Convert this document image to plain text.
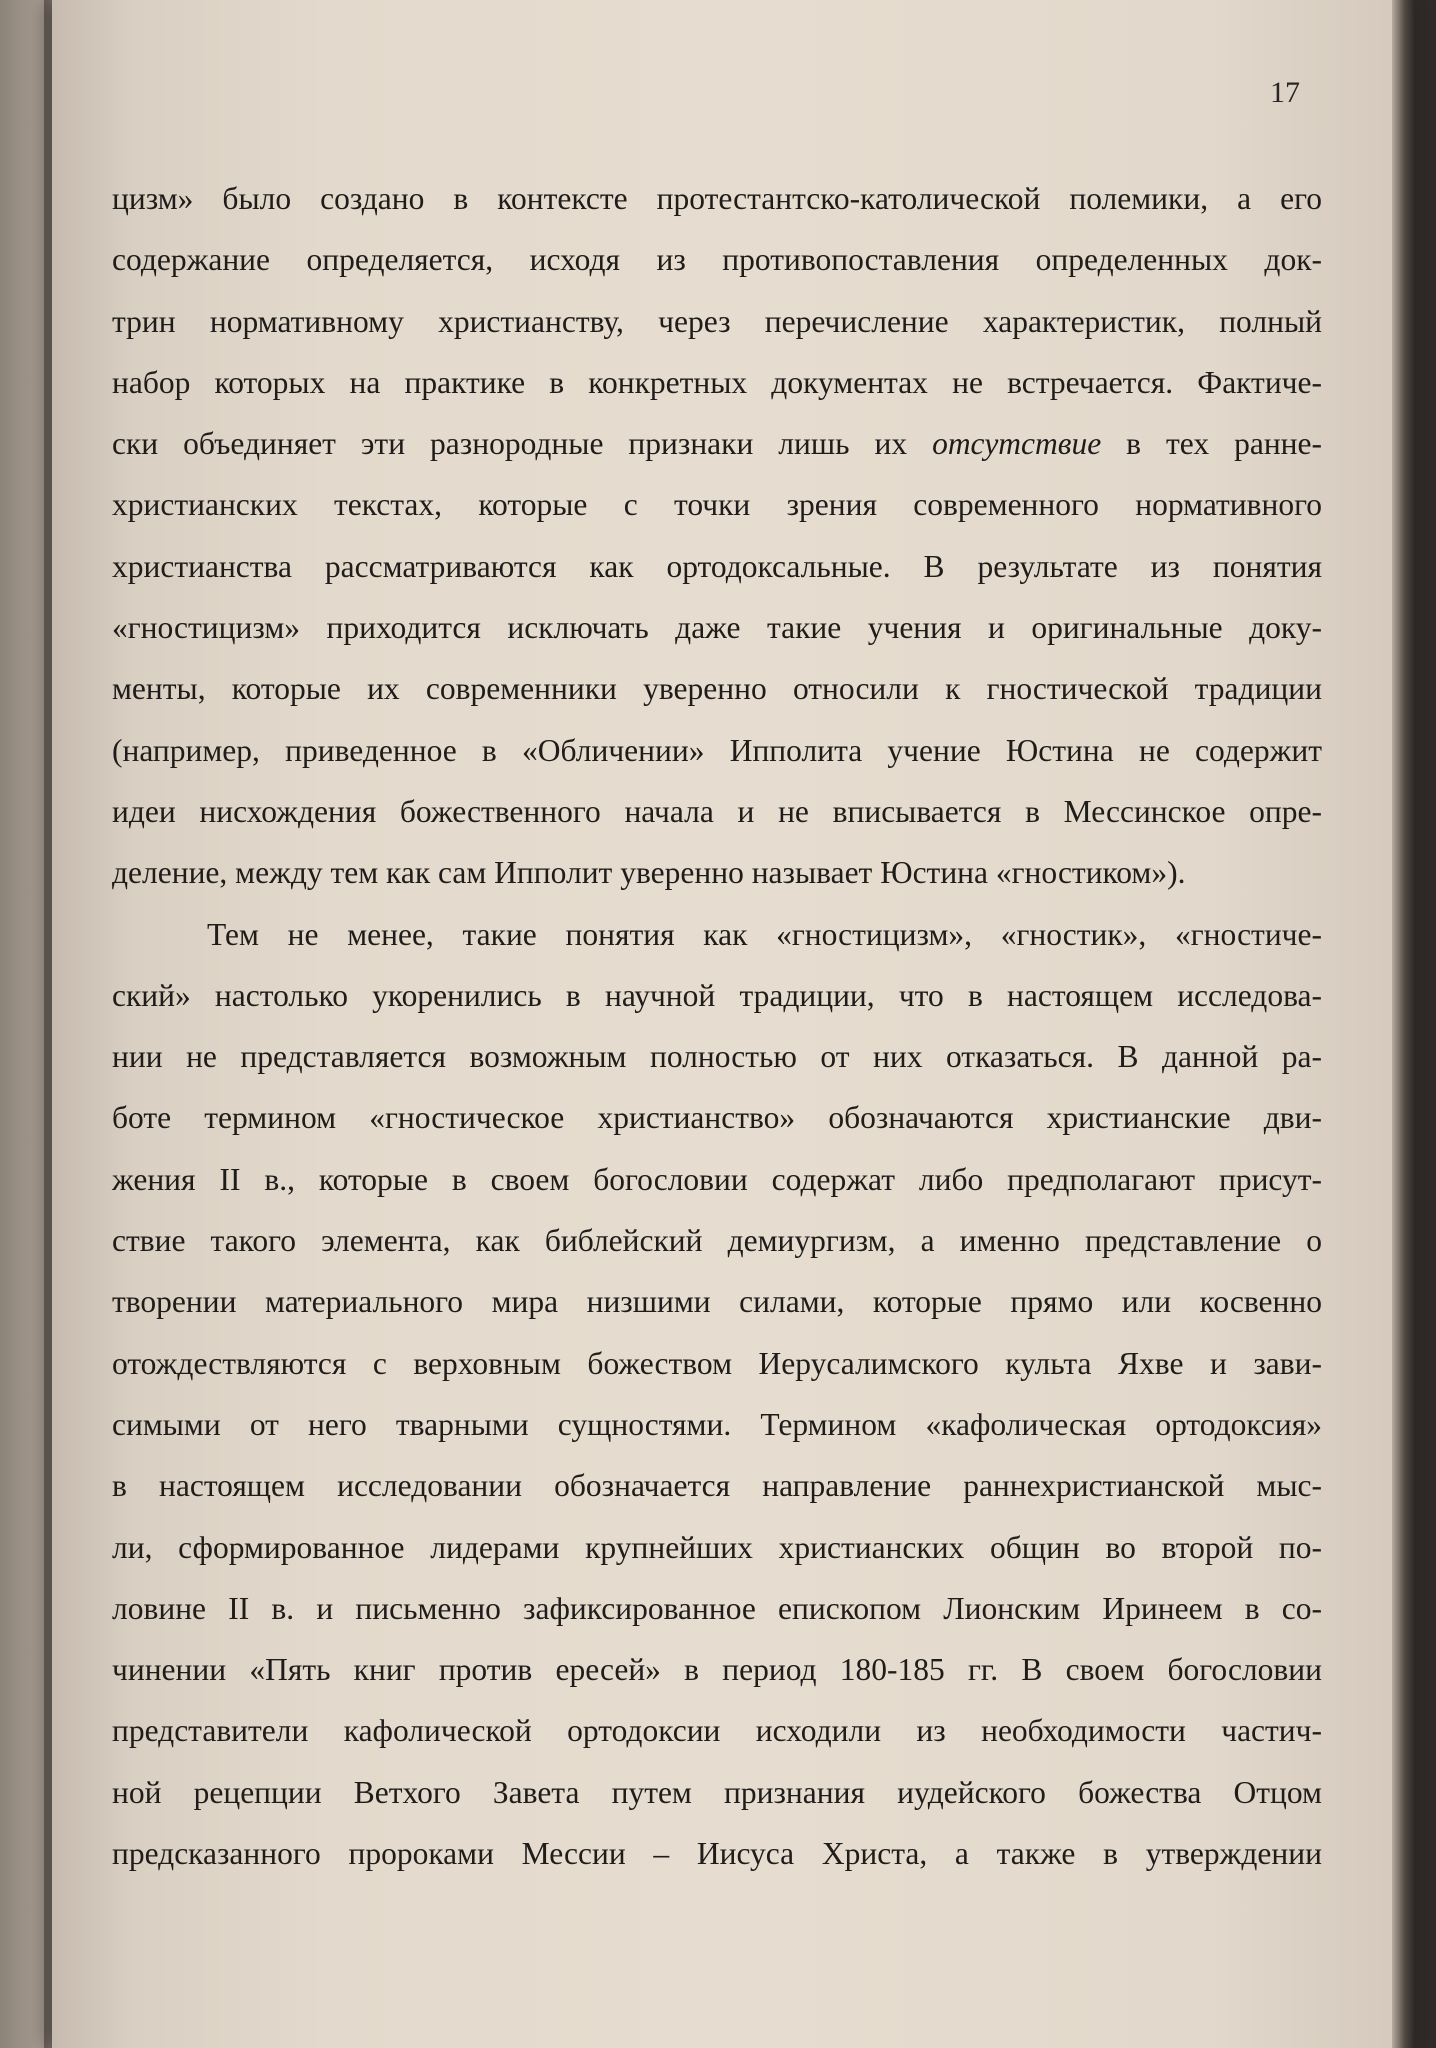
17
цизм» было создано в контексте протестантско-католической полемики, а его
содержание определяется, исходя из противопоставления определенных док-
трин нормативному христианству, через перечисление характеристик, полный
набор которых на практике в конкретных документах не встречается. Фактиче-
ски объединяет эти разнородные признаки лишь их отсутствие в тех ранне-
христианских текстах, которые с точки зрения современного нормативного
христианства рассматриваются как ортодоксальные. В результате из понятия
«гностицизм» приходится исключать даже такие учения и оригинальные доку-
менты, которые их современники уверенно относили к гностической традиции
(например, приведенное в «Обличении» Ипполита учение Юстина не содержит
идеи нисхождения божественного начала и не вписывается в Мессинское опре-
деление, между тем как сам Ипполит уверенно называет Юстина «гностиком»).
Тем не менее, такие понятия как «гностицизм», «гностик», «гностиче-
ский» настолько укоренились в научной традиции, что в настоящем исследова-
нии не представляется возможным полностью от них отказаться. В данной ра-
боте термином «гностическое христианство» обозначаются христианские дви-
жения II в., которые в своем богословии содержат либо предполагают присут-
ствие такого элемента, как библейский демиургизм, а именно представление о
творении материального мира низшими силами, которые прямо или косвенно
отождествляются с верховным божеством Иерусалимского культа Яхве и зави-
симыми от него тварными сущностями. Термином «кафолическая ортодоксия»
в настоящем исследовании обозначается направление раннехристианской мыс-
ли, сформированное лидерами крупнейших христианских общин во второй по-
ловине II в. и письменно зафиксированное епископом Лионским Иринеем в со-
чинении «Пять книг против ересей» в период 180-185 гг. В своем богословии
представители кафолической ортодоксии исходили из необходимости частич-
ной рецепции Ветхого Завета путем признания иудейского божества Отцом
предсказанного пророками Мессии – Иисуса Христа, а также в утверждении
